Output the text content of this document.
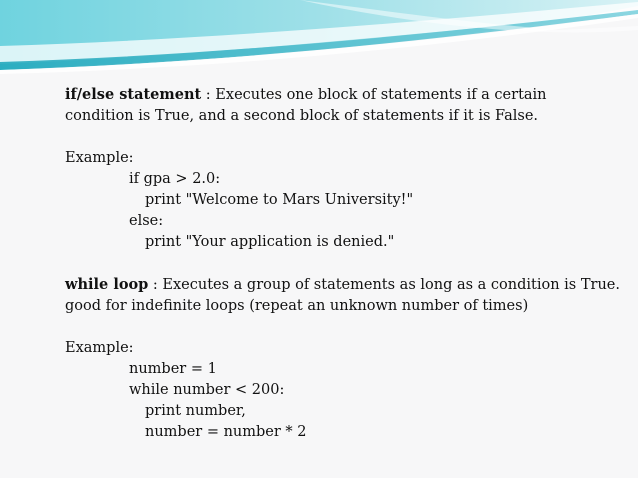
if/else statement : Executes one block of statements if a certain

condition is True, and a second block of statements if it is False.

Example:

if gpa > 2.0:

print "Welcome to Mars University!"

else:

print "Your application is denied."

while loop : Executes a group of statements as long as a condition is True.

good for indefinite loops (repeat an unknown number of times)

Example:

number = 1

while number < 200:

print number,

number = number * 2
